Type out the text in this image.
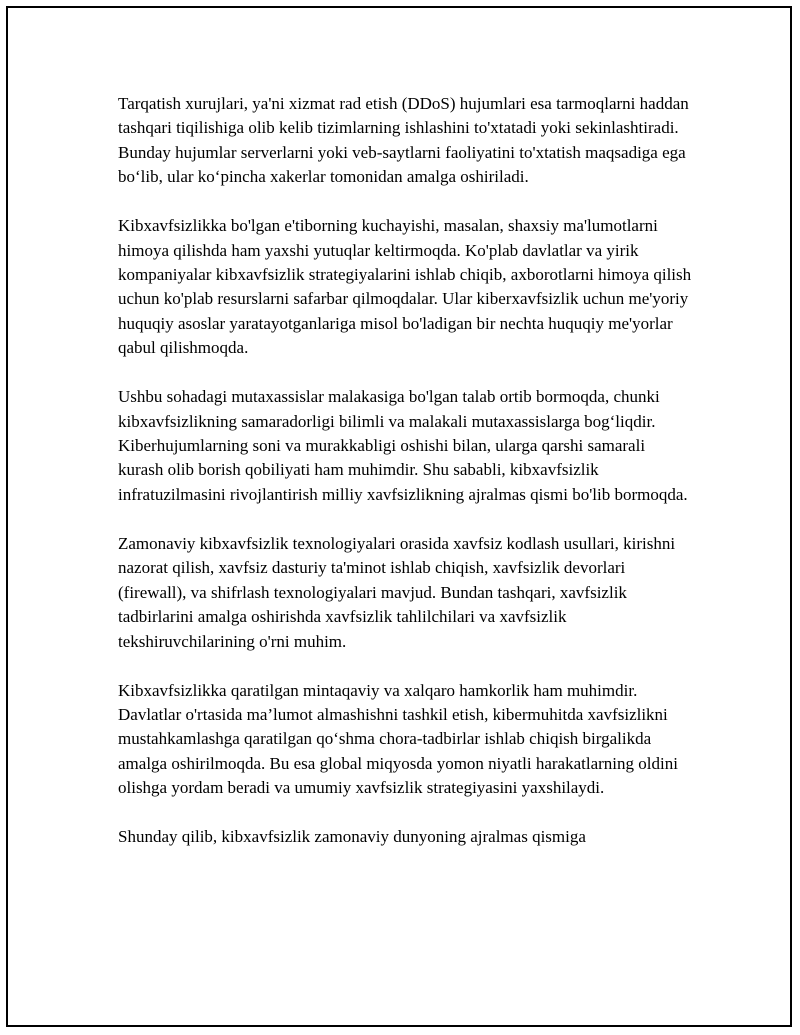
Tarqatish xurujlari, ya'ni xizmat rad etish (DDoS) hujumlari esa tarmoqlarni haddan tashqari tiqilishiga olib kelib tizimlarning ishlashini to'xtatadi yoki sekinlashtiradi. Bunday hujumlar serverlarni yoki veb-saytlarni faoliyatini to'xtatish maqsadiga ega bo‘lib, ular ko‘pincha xakerlar tomonidan amalga oshiriladi.

Kibxavfsizlikka bo'lgan e'tiborning kuchayishi, masalan, shaxsiy ma'lumotlarni himoya qilishda ham yaxshi yutuqlar keltirmoqda. Ko'plab davlatlar va yirik kompaniyalar kibxavfsizlik strategiyalarini ishlab chiqib, axborotlarni himoya qilish uchun ko'plab resurslarni safarbar qilmoqdalar. Ular kiberxavfsizlik uchun me'yoriy huquqiy asoslar yaratayotganlariga misol bo'ladigan bir nechta huquqiy me'yorlar qabul qilishmoqda.

Ushbu sohadagi mutaxassislar malakasiga bo'lgan talab ortib bormoqda, chunki kibxavfsizlikning samaradorligi bilimli va malakali mutaxassislarga bog‘liqdir. Kiberhujumlarning soni va murakkabligi oshishi bilan, ularga qarshi samarali kurash olib borish qobiliyati ham muhimdir. Shu sababli, kibxavfsizlik infratuzilmasini rivojlantirish milliy xavfsizlikning ajralmas qismi bo'lib bormoqda.

Zamonaviy kibxavfsizlik texnologiyalari orasida xavfsiz kodlash usullari, kirishni nazorat qilish, xavfsiz dasturiy ta'minot ishlab chiqish, xavfsizlik devorlari (firewall), va shifrlash texnologiyalari mavjud. Bundan tashqari, xavfsizlik tadbirlarini amalga oshirishda xavfsizlik tahlilchilari va xavfsizlik tekshiruvchilarining o'rni muhim.

Kibxavfsizlikka qaratilgan mintaqaviy va xalqaro hamkorlik ham muhimdir. Davlatlar o'rtasida ma’lumot almashishni tashkil etish, kibermuhitda xavfsizlikni mustahkamlashga qaratilgan qo‘shma chora-tadbirlar ishlab chiqish birgalikda amalga oshirilmoqda. Bu esa global miqyosda yomon niyatli harakatlarning oldini olishga yordam beradi va umumiy xavfsizlik strategiyasini yaxshilaydi.

Shunday qilib, kibxavfsizlik zamonaviy dunyoning ajralmas qismiga
